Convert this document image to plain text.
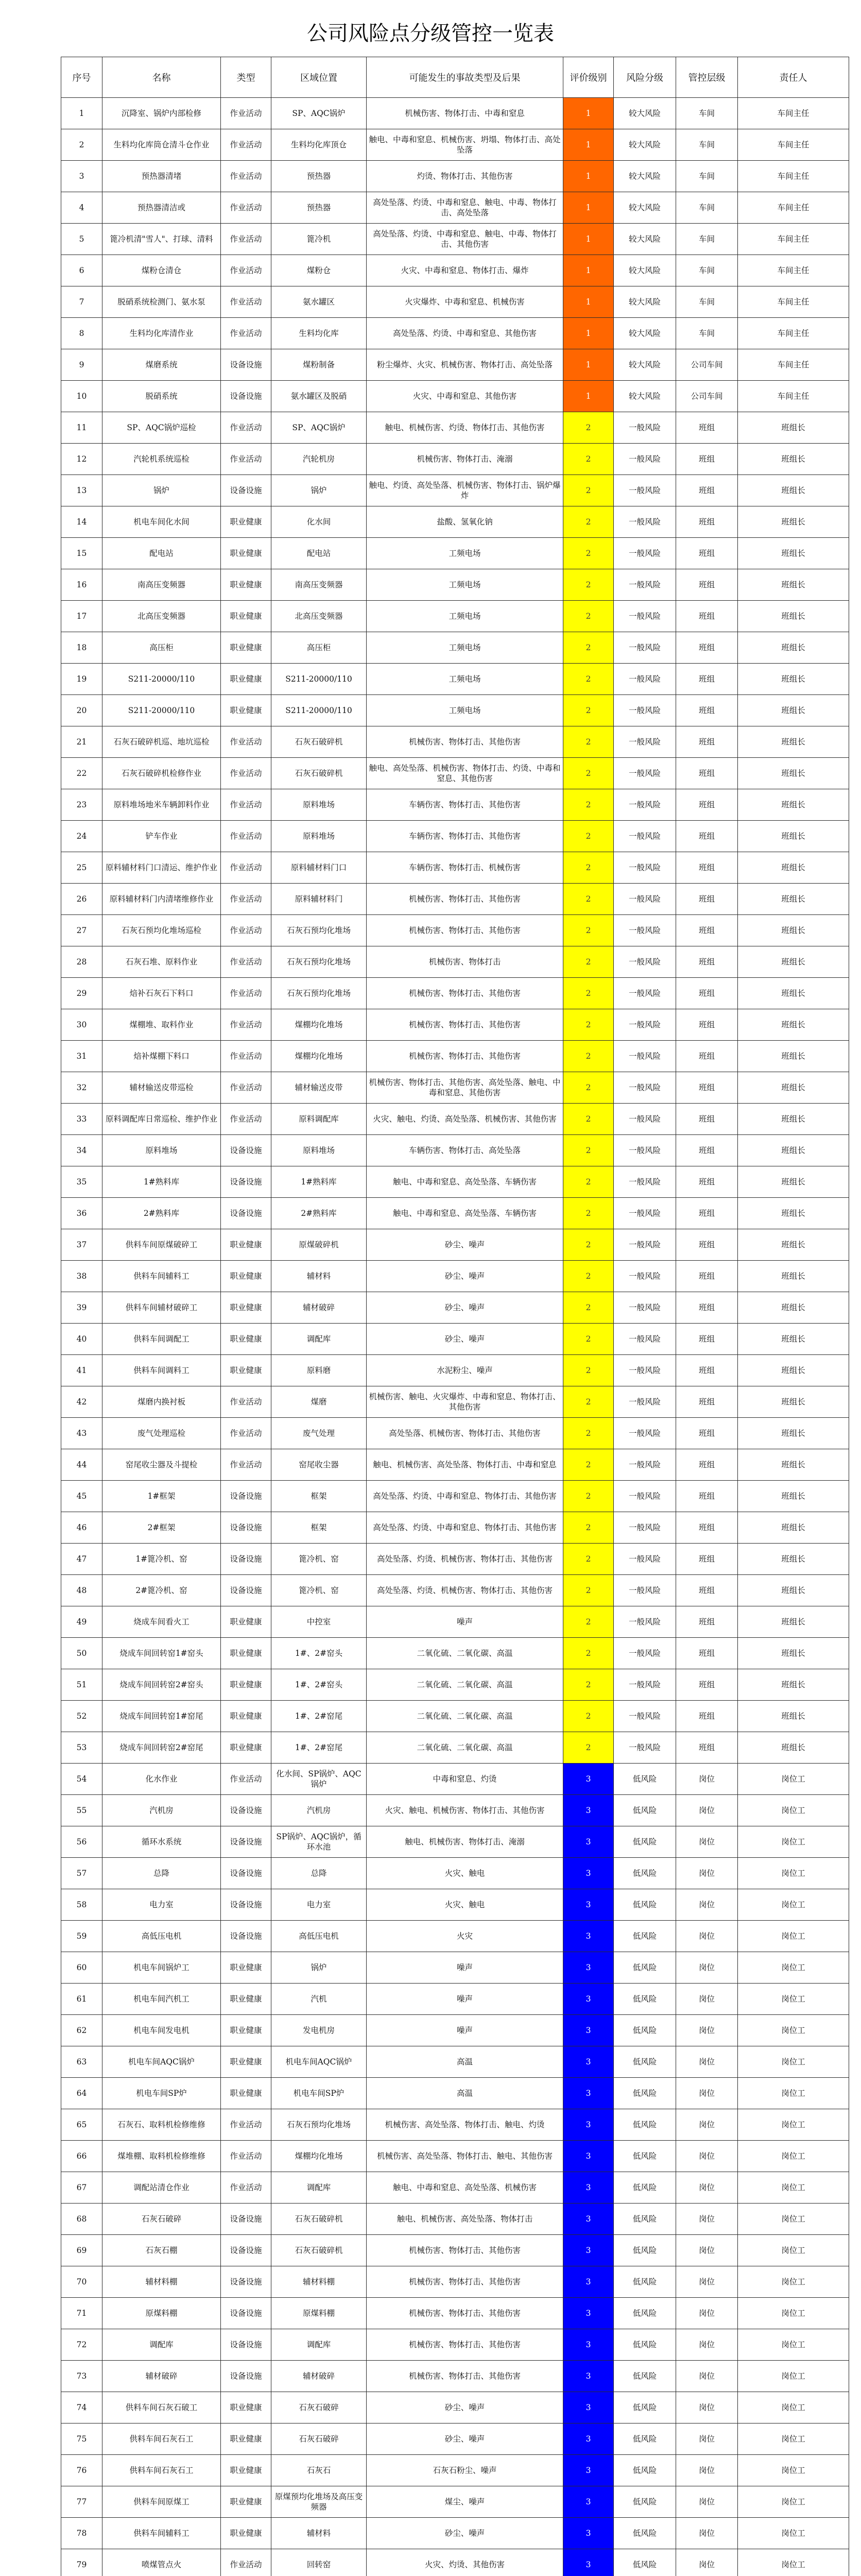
公司风险点分级管控一览表
序号	名称	类型	区域位置	可能发生的事故类型及后果	评价级别	风险分级	管控层级	责任人
1	沉降室、锅炉内部检修	作业活动	SP、AQC锅炉	机械伤害、物体打击、中毒和窒息	1	较大风险	车间	车间主任
2	生料均化库筒仓清斗仓作业	作业活动	生料均化库顶仓	触电、中毒和窒息、机械伤害、坍塌、物体打击、高处坠落	1	较大风险	车间	车间主任
3	预热器清堵	作业活动	预热器	灼烫、物体打击、其他伤害	1	较大风险	车间	车间主任
4	预热器清洁或	作业活动	预热器	高处坠落、灼烫、中毒和窒息、触电、中毒、物体打击、高处坠落	1	较大风险	车间	车间主任
5	篦冷机清"雪人"、打球、清料	作业活动	篦冷机	高处坠落、灼烫、中毒和窒息、触电、中毒、物体打击、其他伤害	1	较大风险	车间	车间主任
6	煤粉仓清仓	作业活动	煤粉仓	火灾、中毒和窒息、物体打击、爆炸	1	较大风险	车间	车间主任
7	脱硝系统检测门、氨水泵	作业活动	氨水罐区	火灾爆炸、中毒和窒息、机械伤害	1	较大风险	车间	车间主任
8	生料均化库清作业	作业活动	生料均化库	高处坠落、灼烫、中毒和窒息、其他伤害	1	较大风险	车间	车间主任
9	煤磨系统	设备设施	煤粉制备	粉尘爆炸、火灾、机械伤害、物体打击、高处坠落	1	较大风险	公司车间	车间主任
10	脱硝系统	设备设施	氨水罐区及脱硝	火灾、中毒和窒息、其他伤害	1	较大风险	公司车间	车间主任
11	SP、AQC锅炉巡检	作业活动	SP、AQC锅炉	触电、机械伤害、灼烫、物体打击、其他伤害	2	一般风险	班组	班组长
12	汽轮机系统巡检	作业活动	汽轮机房	机械伤害、物体打击、淹溺	2	一般风险	班组	班组长
13	锅炉	设备设施	锅炉	触电、灼烫、高处坠落、机械伤害、物体打击、锅炉爆炸	2	一般风险	班组	班组长
14	机电车间化水间	职业健康	化水间	盐酸、氢氧化钠	2	一般风险	班组	班组长
15	配电站	职业健康	配电站	工频电场	2	一般风险	班组	班组长
16	南高压变频器	职业健康	南高压变频器	工频电场	2	一般风险	班组	班组长
17	北高压变频器	职业健康	北高压变频器	工频电场	2	一般风险	班组	班组长
18	高压柜	职业健康	高压柜	工频电场	2	一般风险	班组	班组长
19	S211-20000/110	职业健康	S211-20000/110	工频电场	2	一般风险	班组	班组长
20	S211-20000/110	职业健康	S211-20000/110	工频电场	2	一般风险	班组	班组长
21	石灰石破碎机巡、地坑巡检	作业活动	石灰石破碎机	机械伤害、物体打击、其他伤害	2	一般风险	班组	班组长
22	石灰石破碎机检修作业	作业活动	石灰石破碎机	触电、高处坠落、机械伤害、物体打击、灼烫、中毒和窒息、其他伤害	2	一般风险	班组	班组长
23	原料堆场地米车辆卸料作业	作业活动	原料堆场	车辆伤害、物体打击、其他伤害	2	一般风险	班组	班组长
24	铲车作业	作业活动	原料堆场	车辆伤害、物体打击、其他伤害	2	一般风险	班组	班组长
25	原料辅材料门口清运、维护作业	作业活动	原料辅材料门口	车辆伤害、物体打击、机械伤害	2	一般风险	班组	班组长
26	原料辅材料门内清堵维修作业	作业活动	原料辅材料门	机械伤害、物体打击、其他伤害	2	一般风险	班组	班组长
27	石灰石预均化堆场巡检	作业活动	石灰石预均化堆场	机械伤害、物体打击、其他伤害	2	一般风险	班组	班组长
28	石灰石堆、原料作业	作业活动	石灰石预均化堆场	机械伤害、物体打击	2	一般风险	班组	班组长
29	焙补石灰石下料口	作业活动	石灰石预均化堆场	机械伤害、物体打击、其他伤害	2	一般风险	班组	班组长
30	煤棚堆、取料作业	作业活动	煤棚均化堆场	机械伤害、物体打击、其他伤害	2	一般风险	班组	班组长
31	焙补煤棚下料口	作业活动	煤棚均化堆场	机械伤害、物体打击、其他伤害	2	一般风险	班组	班组长
32	辅材输送皮带巡检	作业活动	辅材输送皮带	机械伤害、物体打击、其他伤害、高处坠落、触电、中毒和窒息、其他伤害	2	一般风险	班组	班组长
33	原料调配库日常巡检、维护作业	作业活动	原料调配库	火灾、触电、灼烫、高处坠落、机械伤害、其他伤害	2	一般风险	班组	班组长
34	原料堆场	设备设施	原料堆场	车辆伤害、物体打击、高处坠落	2	一般风险	班组	班组长
35	1#熟料库	设备设施	1#熟料库	触电、中毒和窒息、高处坠落、车辆伤害	2	一般风险	班组	班组长
36	2#熟料库	设备设施	2#熟料库	触电、中毒和窒息、高处坠落、车辆伤害	2	一般风险	班组	班组长
37	供料车间原煤破碎工	职业健康	原煤破碎机	砂尘、噪声	2	一般风险	班组	班组长
38	供料车间辅料工	职业健康	辅材料	砂尘、噪声	2	一般风险	班组	班组长
39	供料车间辅材破碎工	职业健康	辅材破碎	砂尘、噪声	2	一般风险	班组	班组长
40	供料车间调配工	职业健康	调配库	砂尘、噪声	2	一般风险	班组	班组长
41	供料车间调料工	职业健康	原料磨	水泥粉尘、噪声	2	一般风险	班组	班组长
42	煤磨内换衬板	作业活动	煤磨	机械伤害、触电、火灾爆炸、中毒和窒息、物体打击、其他伤害	2	一般风险	班组	班组长
43	废气处理巡检	作业活动	废气处理	高处坠落、机械伤害、物体打击、其他伤害	2	一般风险	班组	班组长
44	窑尾收尘器及斗提检	作业活动	窑尾收尘器	触电、机械伤害、高处坠落、物体打击、中毒和窒息	2	一般风险	班组	班组长
45	1#框架	设备设施	框架	高处坠落、灼烫、中毒和窒息、物体打击、其他伤害	2	一般风险	班组	班组长
46	2#框架	设备设施	框架	高处坠落、灼烫、中毒和窒息、物体打击、其他伤害	2	一般风险	班组	班组长
47	1#篦冷机、窑	设备设施	篦冷机、窑	高处坠落、灼烫、机械伤害、物体打击、其他伤害	2	一般风险	班组	班组长
48	2#篦冷机、窑	设备设施	篦冷机、窑	高处坠落、灼烫、机械伤害、物体打击、其他伤害	2	一般风险	班组	班组长
49	烧成车间看火工	职业健康	中控室	噪声	2	一般风险	班组	班组长
50	烧成车间回转窑1#窑头	职业健康	1#、2#窑头	二氧化硫、二氧化碳、高温	2	一般风险	班组	班组长
51	烧成车间回转窑2#窑头	职业健康	1#、2#窑头	二氧化硫、二氧化碳、高温	2	一般风险	班组	班组长
52	烧成车间回转窑1#窑尾	职业健康	1#、2#窑尾	二氧化硫、二氧化碳、高温	2	一般风险	班组	班组长
53	烧成车间回转窑2#窑尾	职业健康	1#、2#窑尾	二氧化硫、二氧化碳、高温	2	一般风险	班组	班组长
54	化水作业	作业活动	化水间、SP锅炉、AQC锅炉	中毒和窒息、灼烫	3	低风险	岗位	岗位工
55	汽机房	设备设施	汽机房	火灾、触电、机械伤害、物体打击、其他伤害	3	低风险	岗位	岗位工
56	循环水系统	设备设施	SP锅炉、AQC锅炉，循环水池	触电、机械伤害、物体打击、淹溺	3	低风险	岗位	岗位工
57	总降	设备设施	总降	火灾、触电	3	低风险	岗位	岗位工
58	电力室	设备设施	电力室	火灾、触电	3	低风险	岗位	岗位工
59	高低压电机	设备设施	高低压电机	火灾	3	低风险	岗位	岗位工
60	机电车间锅炉工	职业健康	锅炉	噪声	3	低风险	岗位	岗位工
61	机电车间汽机工	职业健康	汽机	噪声	3	低风险	岗位	岗位工
62	机电车间发电机	职业健康	发电机房	噪声	3	低风险	岗位	岗位工
63	机电车间AQC锅炉	职业健康	机电车间AQC锅炉	高温	3	低风险	岗位	岗位工
64	机电车间SP炉	职业健康	机电车间SP炉	高温	3	低风险	岗位	岗位工
65	石灰石、取料机检修维修	作业活动	石灰石预均化堆场	机械伤害、高处坠落、物体打击、触电、灼烫	3	低风险	岗位	岗位工
66	煤堆棚、取料机检修维修	作业活动	煤棚均化堆场	机械伤害、高处坠落、物体打击、触电、其他伤害	3	低风险	岗位	岗位工
67	调配站清仓作业	作业活动	调配库	触电、中毒和窒息、高处坠落、机械伤害	3	低风险	岗位	岗位工
68	石灰石破碎	设备设施	石灰石破碎机	触电、机械伤害、高处坠落、物体打击	3	低风险	岗位	岗位工
69	石灰石棚	设备设施	石灰石破碎机	机械伤害、物体打击、其他伤害	3	低风险	岗位	岗位工
70	辅材料棚	设备设施	辅材料棚	机械伤害、物体打击、其他伤害	3	低风险	岗位	岗位工
71	原煤料棚	设备设施	原煤料棚	机械伤害、物体打击、其他伤害	3	低风险	岗位	岗位工
72	调配库	设备设施	调配库	机械伤害、物体打击、其他伤害	3	低风险	岗位	岗位工
73	辅材破碎	设备设施	辅材破碎	机械伤害、物体打击、其他伤害	3	低风险	岗位	岗位工
74	供料车间石灰石破工	职业健康	石灰石破碎	砂尘、噪声	3	低风险	岗位	岗位工
75	供料车间石灰石工	职业健康	石灰石破碎	砂尘、噪声	3	低风险	岗位	岗位工
76	供料车间石灰石工	职业健康	石灰石	石灰石粉尘、噪声	3	低风险	岗位	岗位工
77	供料车间原煤工	职业健康	原煤预均化堆场及高压变频器	煤尘、噪声	3	低风险	岗位	岗位工
78	供料车间辅料工	职业健康	辅材料	砂尘、噪声	3	低风险	岗位	岗位工
79	喷煤管点火	作业活动	回转窑	火灾、灼烫、其他伤害	3	低风险	岗位	岗位工
